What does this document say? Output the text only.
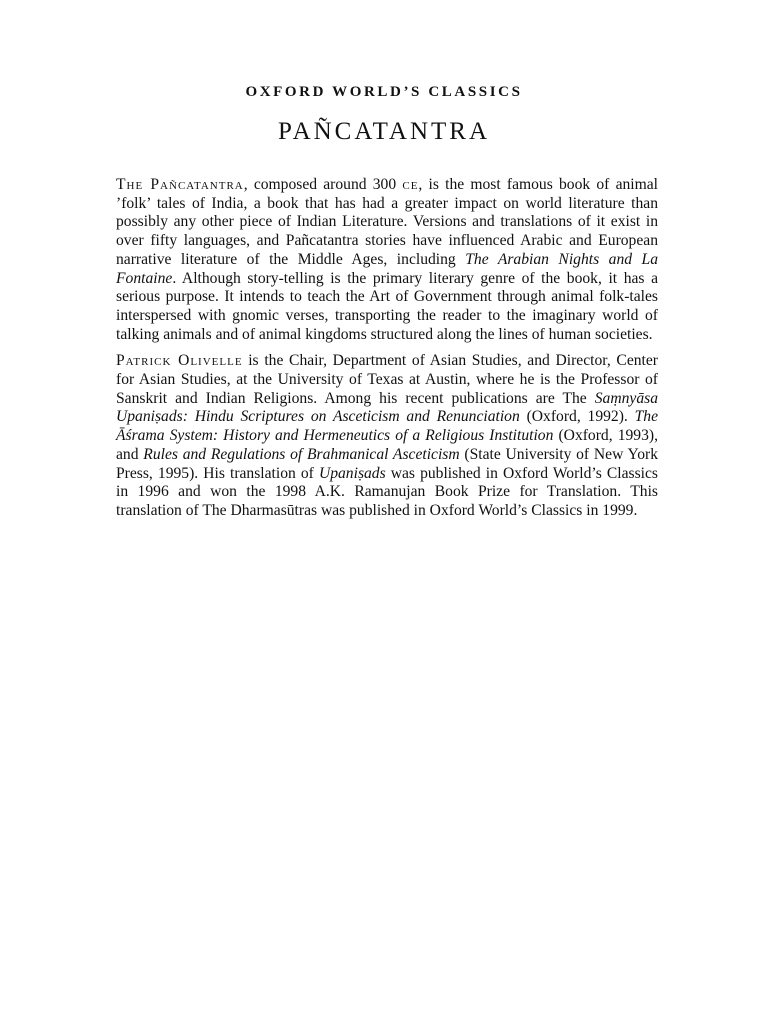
OXFORD WORLD’S CLASSICS
PAÑCATANTRA

The Pañcatantra, composed around 300 ce, is the most famous book of animal ’folk’ tales of India, a book that has had a greater impact on world literature than possibly any other piece of Indian Literature. Versions and translations of it exist in over fifty languages, and Pañcatantra stories have influenced Arabic and European narrative literature of the Middle Ages, including The Arabian Nights and La Fontaine. Although story-telling is the primary literary genre of the book, it has a serious purpose. It intends to teach the Art of Government through animal folk-tales interspersed with gnomic verses, transporting the reader to the imaginary world of talking animals and of animal kingdoms structured along the lines of human societies.

Patrick Olivelle is the Chair, Department of Asian Studies, and Director, Center for Asian Studies, at the University of Texas at Austin, where he is the Professor of Sanskrit and Indian Religions. Among his recent publications are The Saṃnyāsa Upaniṣads: Hindu Scriptures on Asceticism and Renunciation (Oxford, 1992). The Āśrama System: History and Hermeneutics of a Religious Institution (Oxford, 1993), and Rules and Regulations of Brahmanical Asceticism (State University of New York Press, 1995). His translation of Upaniṣads was published in Oxford World’s Classics in 1996 and won the 1998 A.K. Ramanujan Book Prize for Translation. This translation of The Dharmasūtras was published in Oxford World’s Classics in 1999.
